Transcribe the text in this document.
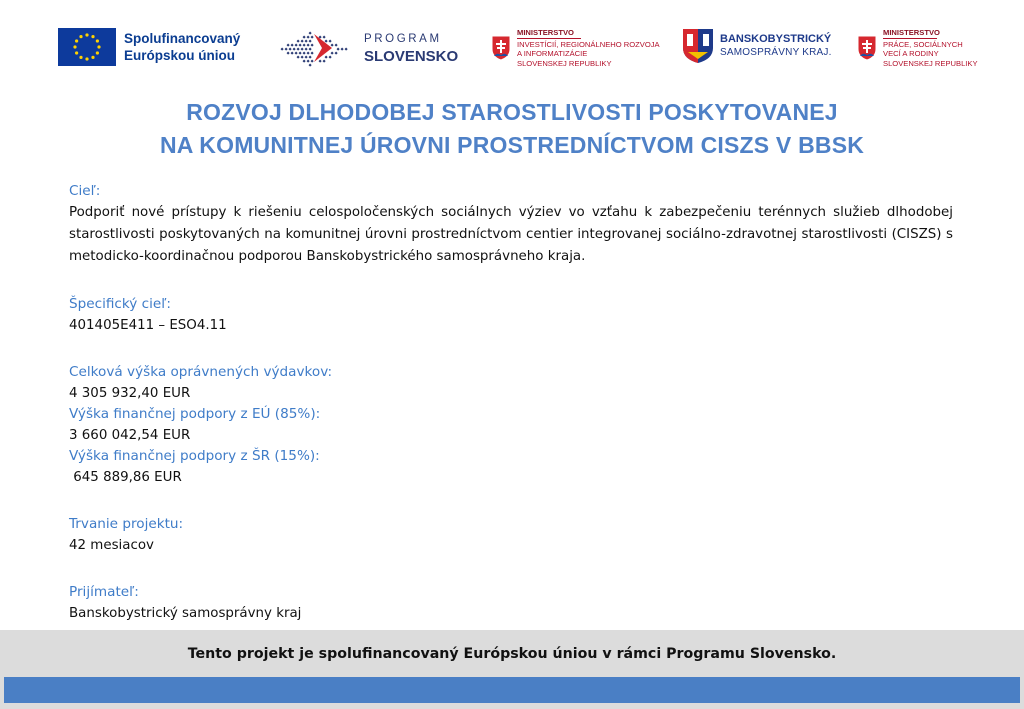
Spolufinancovaný
Európskou úniou
PROGRAM
SLOVENSKO
MINISTERSTVO
INVESTÍCIÍ, REGIONÁLNEHO ROZVOJA
A INFORMATIZÁCIE
SLOVENSKEJ REPUBLIKY
BANSKOBYSTRICKÝ
SAMOSPRÁVNY KRAJ.
MINISTERSTVO
PRÁCE, SOCIÁLNYCH
VECÍ A RODINY
SLOVENSKEJ REPUBLIKY
ROZVOJ DLHODOBEJ STAROSTLIVOSTI POSKYTOVANEJ
NA KOMUNITNEJ ÚROVNI PROSTREDNÍCTVOM CISZS V BBSK
Cieľ:
Podporiť nové prístupy k riešeniu celospoločenských sociálnych výziev vo vzťahu k zabezpečeniu terénnych služieb dlhodobej starostlivosti poskytovaných na komunitnej úrovni prostredníctvom centier integrovanej sociálno-zdravotnej starostlivosti (CISZS) s metodicko-koordinačnou podporou Banskobystrického samosprávneho kraja.
Špecifický cieľ:
401405E411 – ESO4.11
Celková výška oprávnených výdavkov:
4 305 932,40 EUR
Výška finančnej podpory z EÚ (85%):
3 660 042,54 EUR
Výška finančnej podpory z ŠR (15%):
645 889,86 EUR
Trvanie projektu:
42 mesiacov
Prijímateľ:
Banskobystrický samosprávny kraj
Tento projekt je spolufinancovaný Európskou úniou v rámci Programu Slovensko.
